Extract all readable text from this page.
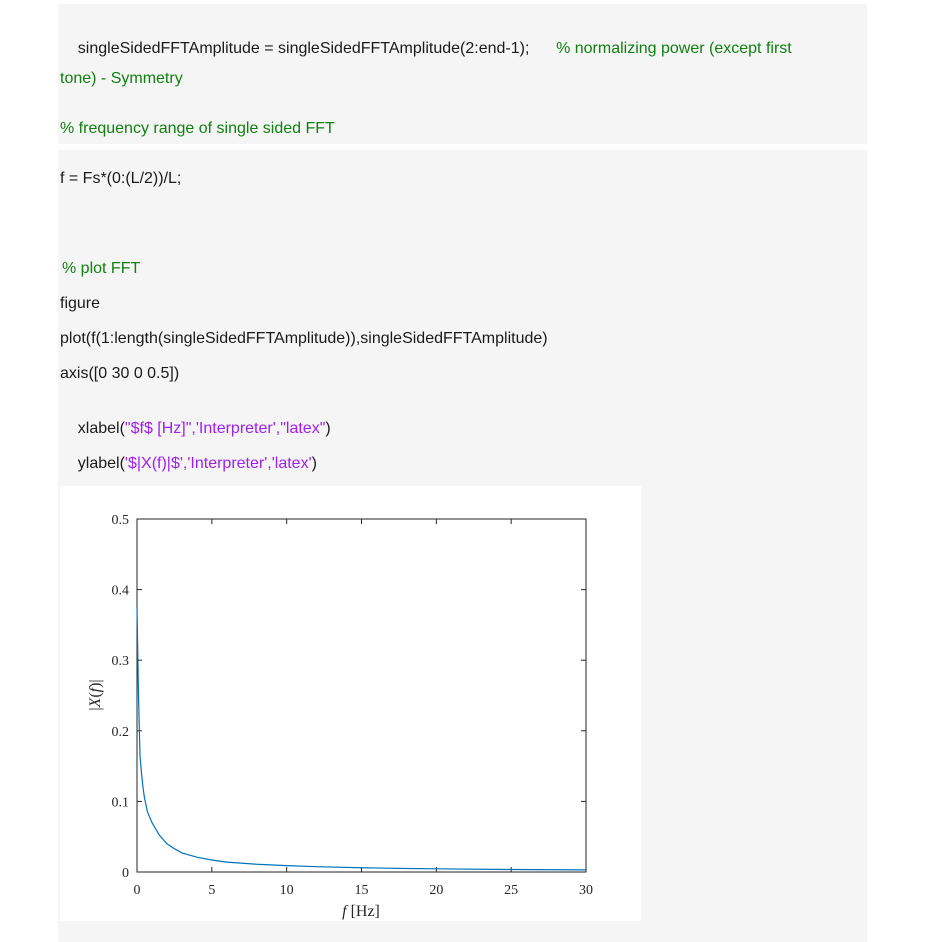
singleSidedFFTAmplitude = singleSidedFFTAmplitude(2:end-1); % normalizing power (except first

tone) - Symmetry
% frequency range of single sided FFT
f = Fs*(0:(L/2))/L;
% plot FFT
figure
plot(f(1:length(singleSidedFFTAmplitude)),singleSidedFFTAmplitude)
axis([0 30 0 0.5])

xlabel("$f$ [Hz]",'Interpreter',"latex")

ylabel('$|X(f)|$','Interpreter','latex')

0	5	10	15	20	25	30
0
0.1
0.2
0.3
0.4
0.5
f [Hz]
|X(f)|
